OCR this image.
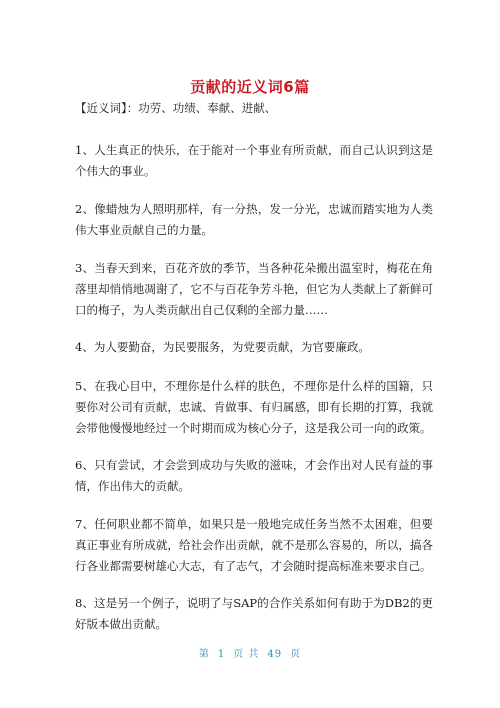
贡献的近义词6篇
【近义词】：功劳、功绩、奉献、进献、
1、人生真正的快乐，在于能对一个事业有所贡献，而自己认识到这是个伟大的事业。
2、像蜡烛为人照明那样，有一分热，发一分光，忠诚而踏实地为人类伟大事业贡献自己的力量。
3、当春天到来，百花齐放的季节，当各种花朵搬出温室时，梅花在角落里却悄悄地凋谢了，它不与百花争芳斗艳，但它为人类献上了新鲜可口的梅子，为人类贡献出自己仅剩的全部力量……
4、为人要勤奋，为民要服务，为党要贡献，为官要廉政。
5、在我心目中，不理你是什么样的肤色，不理你是什么样的国籍，只要你对公司有贡献，忠诚、肯做事、有归属感，即有长期的打算，我就会带他慢慢地经过一个时期而成为核心分子，这是我公司一向的政策。
6、只有尝试，才会尝到成功与失败的滋味，才会作出对人民有益的事情，作出伟大的贡献。
7、任何职业都不简单，如果只是一般地完成任务当然不太困难，但要真正事业有所成就，给社会作出贡献，就不是那么容易的，所以，搞各行各业都需要树雄心大志，有了志气，才会随时提高标准来要求自己。
8、这是另一个例子，说明了与SAP的合作关系如何有助于为DB2的更好版本做出贡献。
第 1 页 共 49 页
